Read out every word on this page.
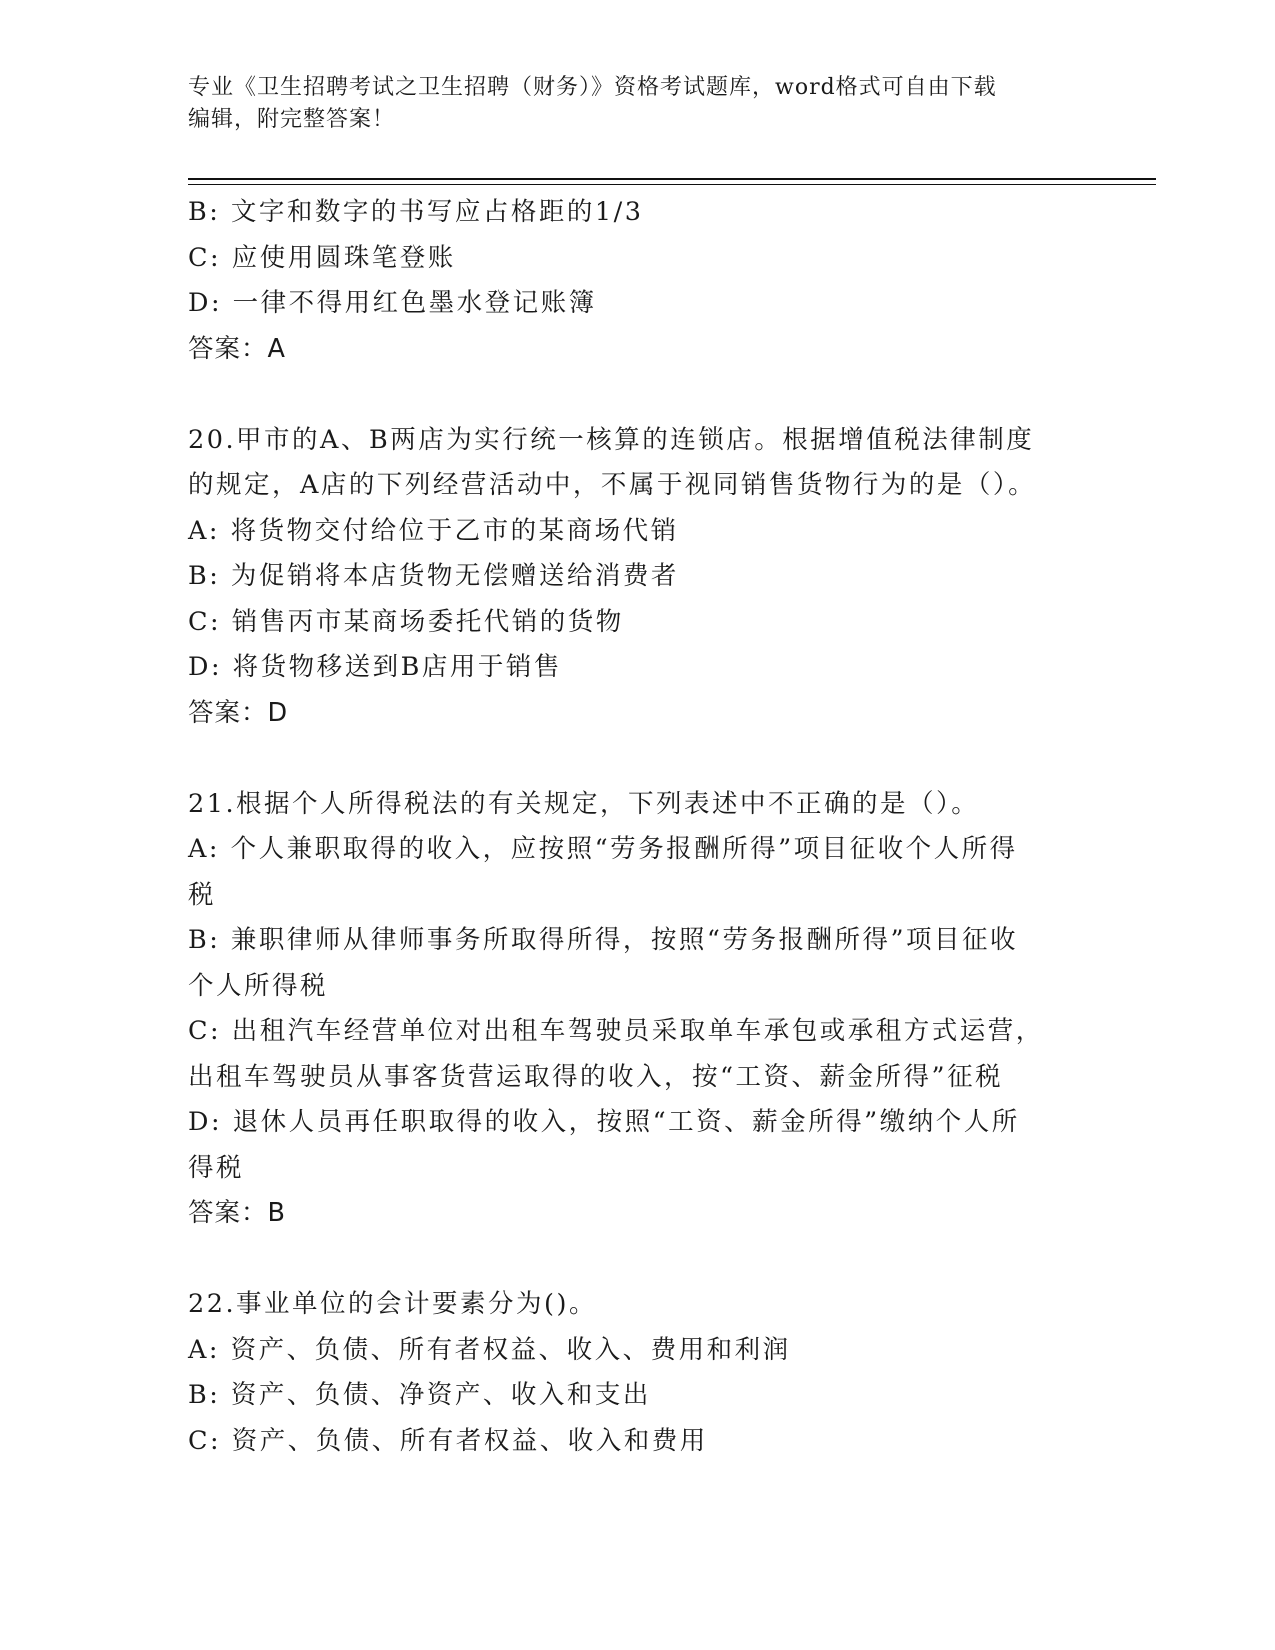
专业《卫生招聘考试之卫生招聘（财务）》资格考试题库，word格式可自由下载
编辑，附完整答案！
B: 文字和数字的书写应占格距的1/3
C: 应使用圆珠笔登账
D: 一律不得用红色墨水登记账簿
答案：A
20.甲市的A、B两店为实行统一核算的连锁店。根据增值税法律制度
的规定，A店的下列经营活动中，不属于视同销售货物行为的是（）。
A: 将货物交付给位于乙市的某商场代销
B: 为促销将本店货物无偿赠送给消费者
C: 销售丙市某商场委托代销的货物
D: 将货物移送到B店用于销售
答案：D
21.根据个人所得税法的有关规定，下列表述中不正确的是（）。
A: 个人兼职取得的收入，应按照“劳务报酬所得”项目征收个人所得
税
B: 兼职律师从律师事务所取得所得，按照“劳务报酬所得”项目征收
个人所得税
C: 出租汽车经营单位对出租车驾驶员采取单车承包或承租方式运营，
出租车驾驶员从事客货营运取得的收入，按“工资、薪金所得”征税
D: 退休人员再任职取得的收入，按照“工资、薪金所得”缴纳个人所
得税
答案：B
22.事业单位的会计要素分为()。
A: 资产、负债、所有者权益、收入、费用和利润
B: 资产、负债、净资产、收入和支出
C: 资产、负债、所有者权益、收入和费用
